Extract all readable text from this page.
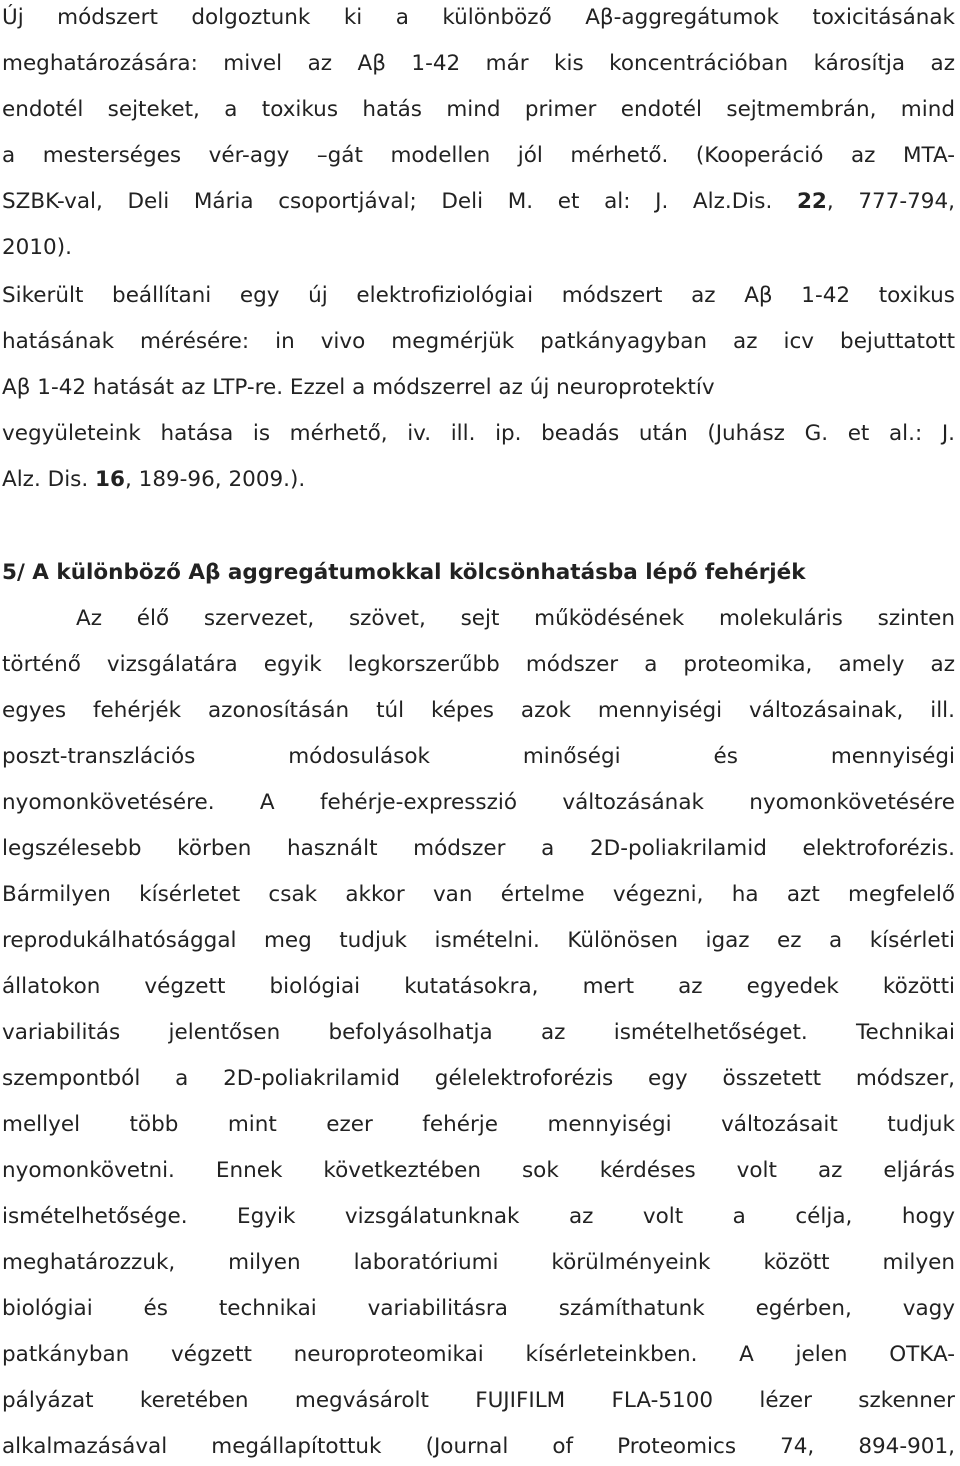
Új módszert dolgoztunk ki a különböző Aβ-aggregátumok toxicitásának
meghatározására: mivel az Aβ 1-42 már kis koncentrációban károsítja az
endotél sejteket, a toxikus hatás mind primer endotél sejtmembrán, mind
a mesterséges vér-agy –gát modellen jól mérhető. (Kooperáció az MTA-
SZBK-val, Deli Mária csoportjával; Deli M. et al: J. Alz.Dis. 22, 777-794,
2010).
Sikerült beállítani egy új elektrofiziológiai módszert az Aβ 1-42 toxikus
hatásának mérésére: in vivo megmérjük patkányagyban az icv bejuttatott
Aβ 1-42 hatását az LTP-re. Ezzel a módszerrel az új neuroprotektív
vegyületeink hatása is mérhető, iv. ill. ip. beadás után (Juhász G. et al.: J.
Alz. Dis. 16, 189-96, 2009.).
5/ A különböző Aβ aggregátumokkal kölcsönhatásba lépő fehérjék
Az élő szervezet, szövet, sejt működésének molekuláris szinten
történő vizsgálatára egyik legkorszerűbb módszer a proteomika, amely az
egyes fehérjék azonosításán túl képes azok mennyiségi változásainak, ill.
poszt-transzlációs módosulások minőségi és mennyiségi
nyomonkövetésére. A fehérje-expresszió változásának nyomonkövetésére
legszélesebb körben használt módszer a 2D-poliakrilamid elektroforézis.
Bármilyen kísérletet csak akkor van értelme végezni, ha azt megfelelő
reprodukálhatósággal meg tudjuk ismételni. Különösen igaz ez a kísérleti
állatokon végzett biológiai kutatásokra, mert az egyedek közötti
variabilitás jelentősen befolyásolhatja az ismételhetőséget. Technikai
szempontból a 2D-poliakrilamid gélelektroforézis egy összetett módszer,
mellyel több mint ezer fehérje mennyiségi változásait tudjuk
nyomonkövetni. Ennek következtében sok kérdéses volt az eljárás
ismételhetősége. Egyik vizsgálatunknak az volt a célja, hogy
meghatározzuk, milyen laboratóriumi körülményeink között milyen
biológiai és technikai variabilitásra számíthatunk egérben, vagy
patkányban végzett neuroproteomikai kísérleteinkben. A jelen OTKA-
pályázat keretében megvásárolt FUJIFILM FLA-5100 lézer szkenner
alkalmazásával megállapítottuk (Journal of Proteomics 74, 894-901,
